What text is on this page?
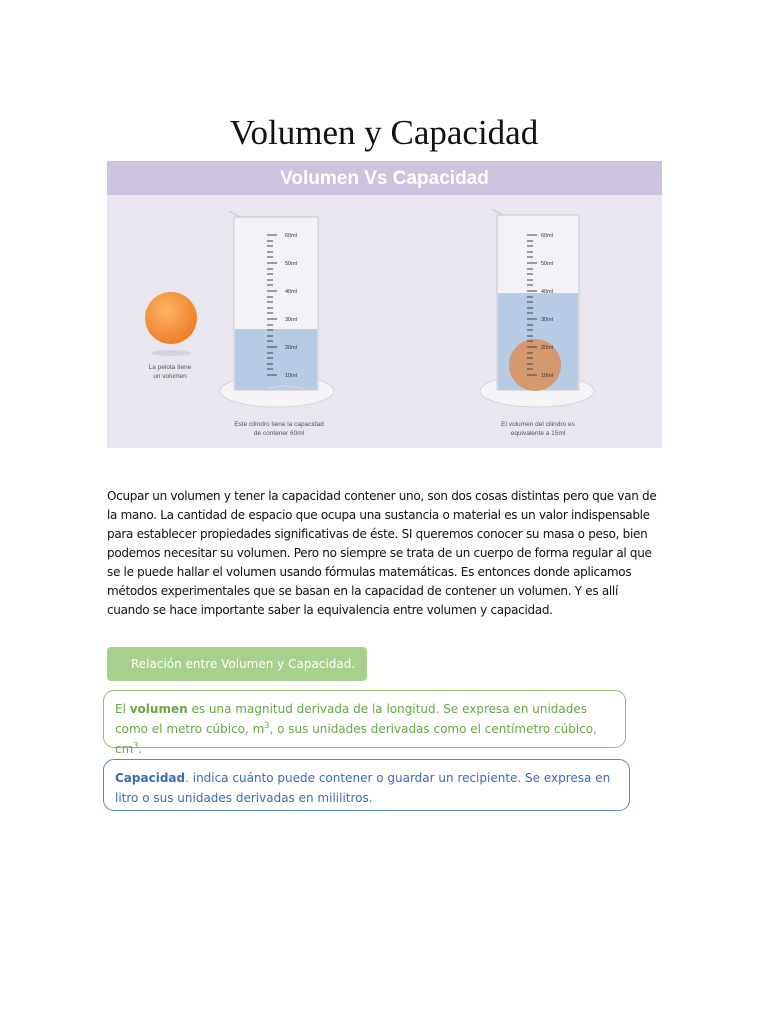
Volumen y Capacidad
Volumen Vs Capacidad
La pelota tiene
un volumen
60ml
50ml
40ml
30ml
20ml
10ml
Este cilindro tiene la capacidad
de contener 60ml
60ml
50ml
40ml
30ml
20ml
10ml
El volumen del cilindro es
equivalente a 15ml

Ocupar un volumen y tener la capacidad contener uno, son dos cosas distintas pero que van de la mano. La cantidad de espacio que ocupa una sustancia o material es un valor indispensable para establecer propiedades significativas de éste. SI queremos conocer su masa o peso, bien podemos necesitar su volumen. Pero no siempre se trata de un cuerpo de forma regular al que se le puede hallar el volumen usando fórmulas matemáticas. Es entonces donde aplicamos métodos experimentales que se basan en la capacidad de contener un volumen. Y es allí cuando se hace importante saber la equivalencia entre volumen y capacidad.

Relación entre Volumen y Capacidad.
El volumen es una magnitud derivada de la longitud. Se expresa en unidades como el metro cúbico, $m^3$, o sus unidades derivadas como el centímetro cúbico, $cm^3$.
Capacidad. indica cuánto puede contener o guardar un recipiente. Se expresa en litro o sus unidades derivadas en mililitros.
